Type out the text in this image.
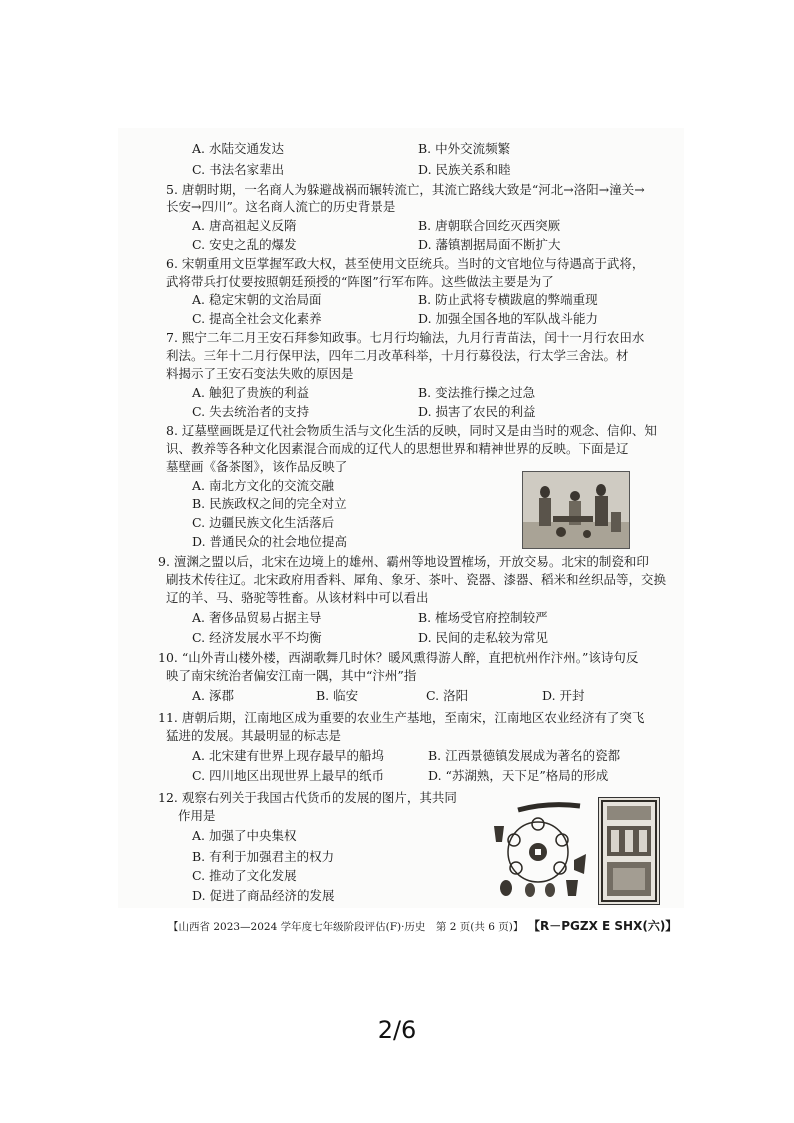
A. 水陆交通发达	B. 中外交流频繁
C. 书法名家辈出	D. 民族关系和睦
5. 唐朝时期，一名商人为躲避战祸而辗转流亡，其流亡路线大致是“河北→洛阳→潼关→
长安→四川”。这名商人流亡的历史背景是
A. 唐高祖起义反隋	B. 唐朝联合回纥灭西突厥
C. 安史之乱的爆发	D. 藩镇割据局面不断扩大
6. 宋朝重用文臣掌握军政大权，甚至使用文臣统兵。当时的文官地位与待遇高于武将，
武将带兵打仗要按照朝廷预授的“阵图”行军布阵。这些做法主要是为了
A. 稳定宋朝的文治局面	B. 防止武将专横跋扈的弊端重现
C. 提高全社会文化素养	D. 加强全国各地的军队战斗能力
7. 熙宁二年二月王安石拜参知政事。七月行均输法，九月行青苗法，闰十一月行农田水
利法。三年十二月行保甲法，四年二月改革科举，十月行募役法，行太学三舍法。材
料揭示了王安石变法失败的原因是
A. 触犯了贵族的利益	B. 变法推行操之过急
C. 失去统治者的支持	D. 损害了农民的利益
8. 辽墓壁画既是辽代社会物质生活与文化生活的反映，同时又是由当时的观念、信仰、知
识、教养等各种文化因素混合而成的辽代人的思想世界和精神世界的反映。下面是辽
墓壁画《备茶图》，该作品反映了
A. 南北方文化的交流交融
B. 民族政权之间的完全对立
C. 边疆民族文化生活落后
D. 普通民众的社会地位提高
9. 澶渊之盟以后，北宋在边境上的雄州、霸州等地设置榷场，开放交易。北宋的制瓷和印
刷技术传往辽。北宋政府用香料、犀角、象牙、茶叶、瓷器、漆器、稻米和丝织品等，交换
辽的羊、马、骆驼等牲畜。从该材料中可以看出
A. 奢侈品贸易占据主导	B. 榷场受官府控制较严
C. 经济发展水平不均衡	D. 民间的走私较为常见
10. “山外青山楼外楼，西湖歌舞几时休？暖风熏得游人醉，直把杭州作汴州。”该诗句反
映了南宋统治者偏安江南一隅，其中“汴州”指
A. 涿郡	B. 临安	C. 洛阳	D. 开封
11. 唐朝后期，江南地区成为重要的农业生产基地，至南宋，江南地区农业经济有了突飞
猛进的发展。其最明显的标志是
A. 北宋建有世界上现存最早的船坞	B. 江西景德镇发展成为著名的瓷都
C. 四川地区出现世界上最早的纸币	D. “苏湖熟，天下足”格局的形成
12. 观察右列关于我国古代货币的发展的图片，其共同
作用是
A. 加强了中央集权
B. 有利于加强君主的权力
C. 推动了文化发展
D. 促进了商品经济的发展
【山西省 2023—2024 学年度七年级阶段评估(F)·历史　第 2 页(共 6 页)】 【R－PGZX E SHX(六)】
2/6
